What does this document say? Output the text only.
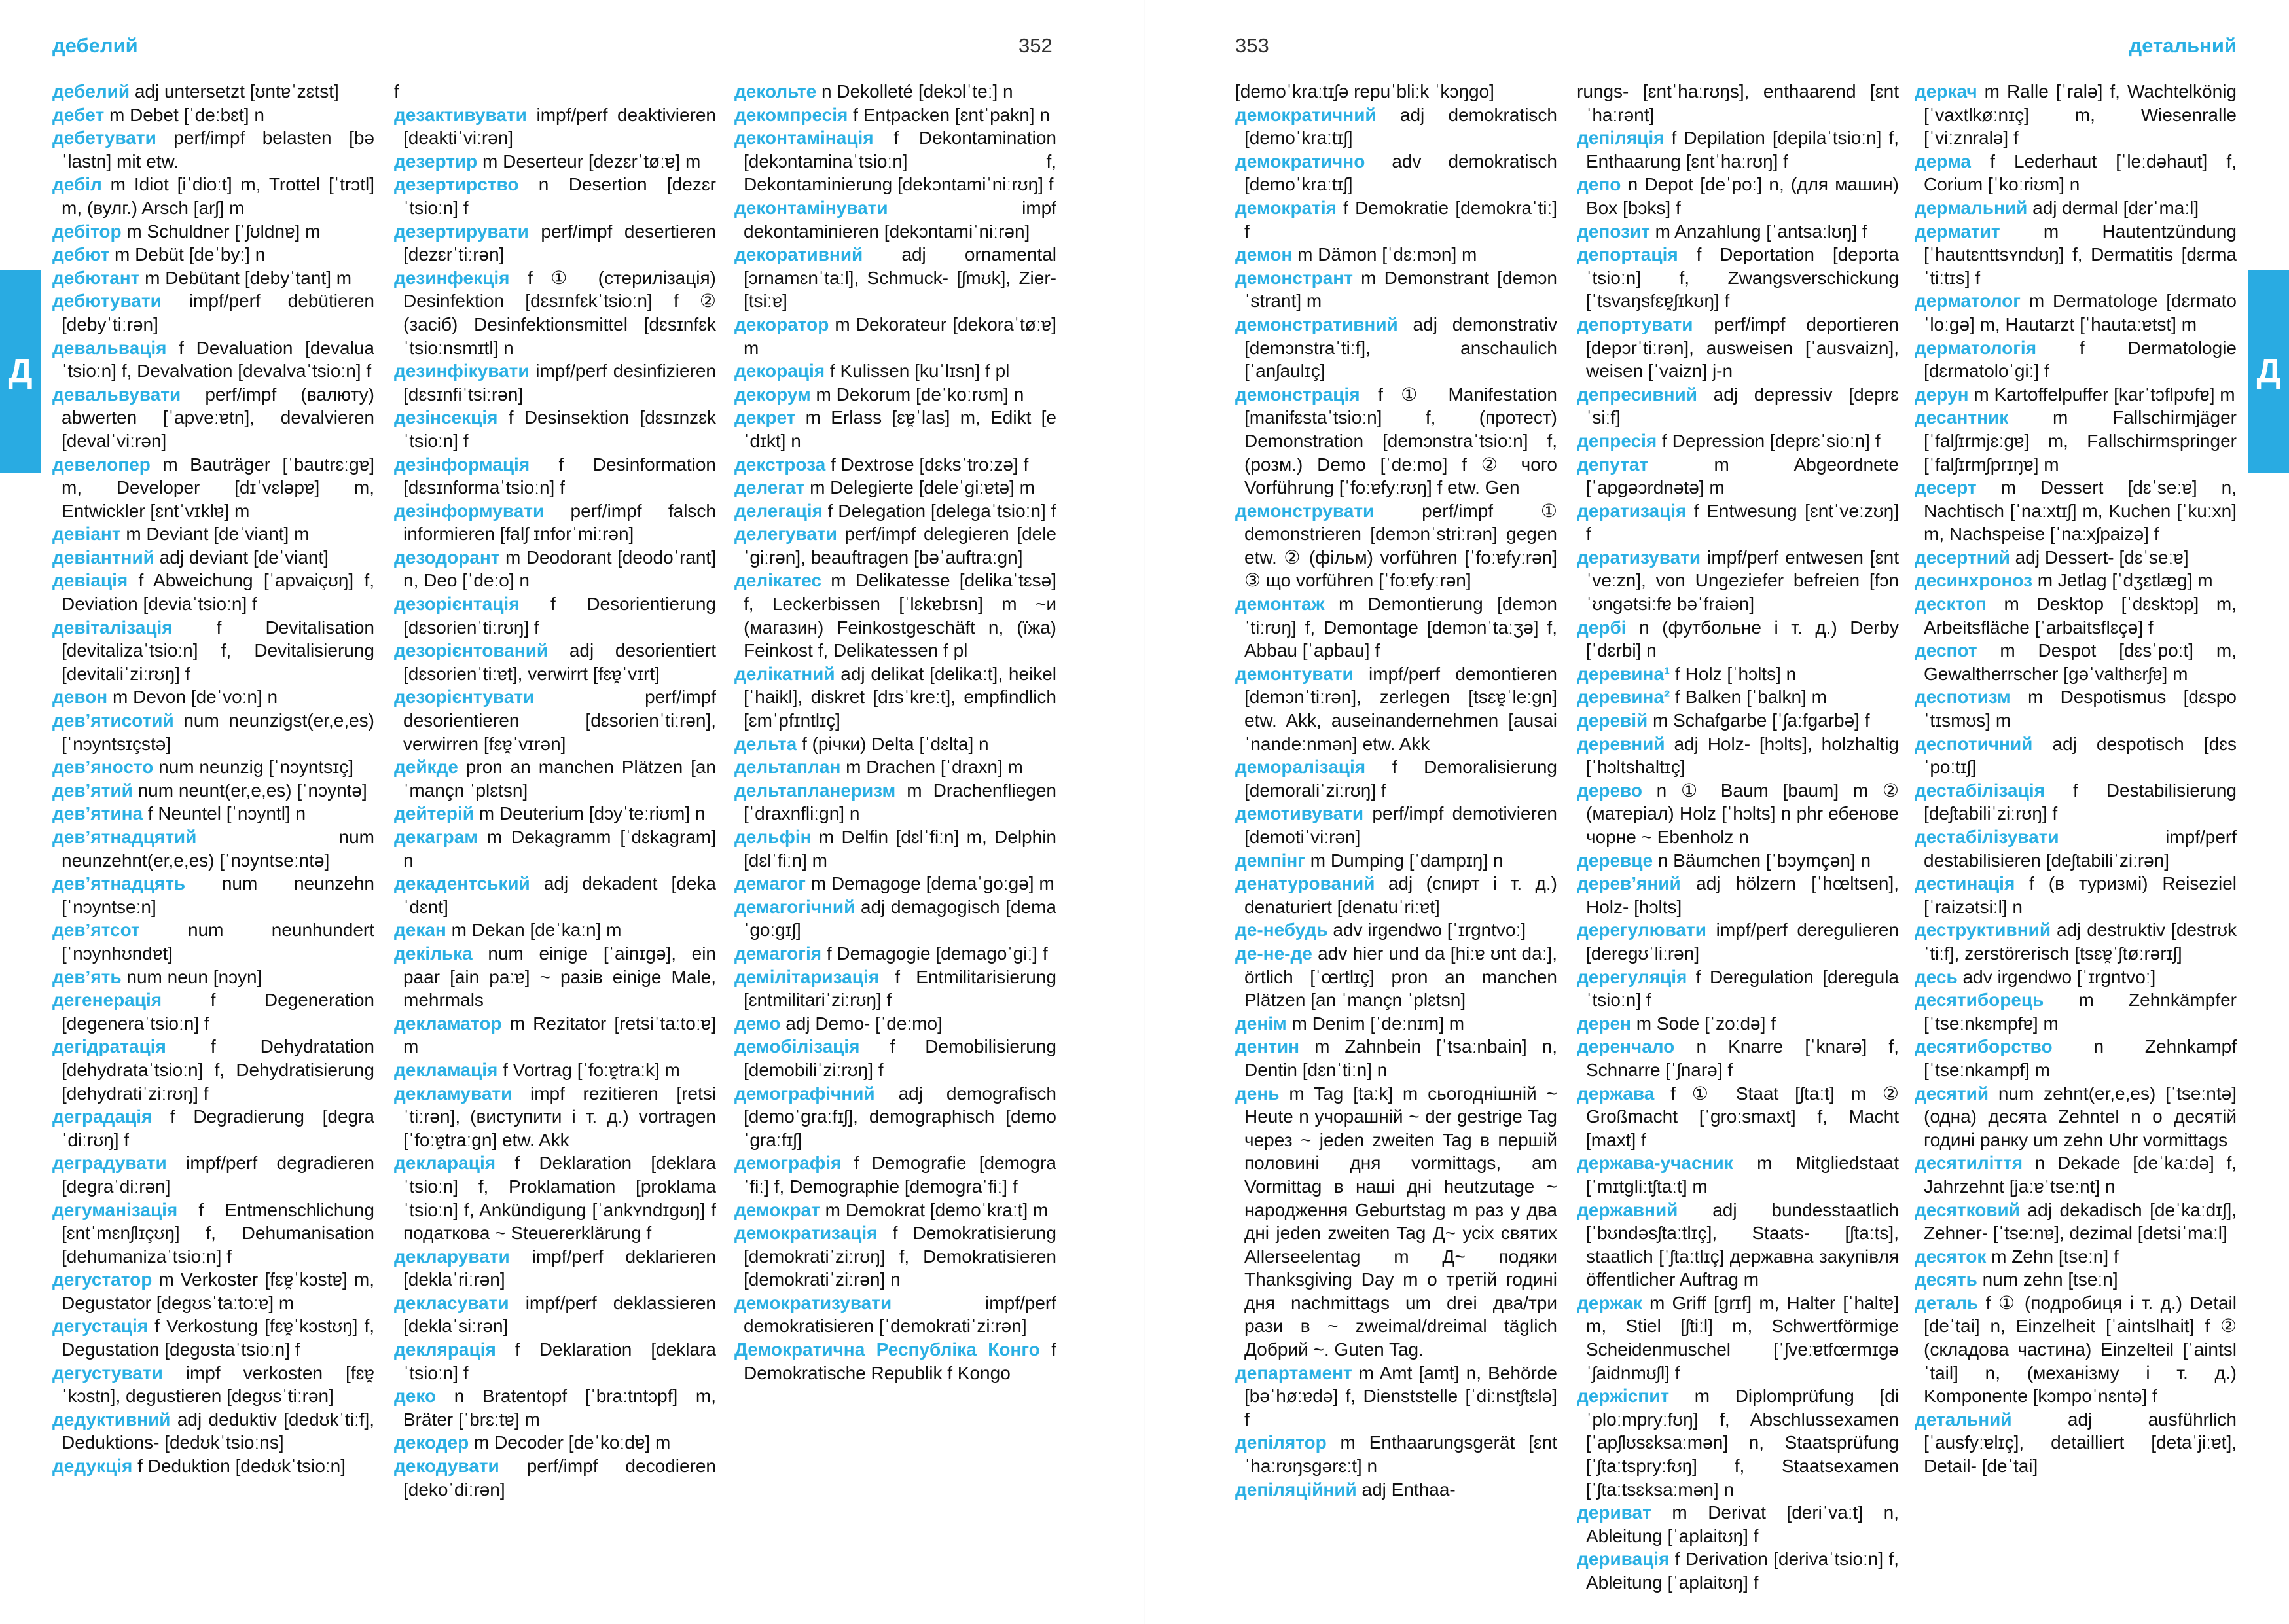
дебелий	352
Д

дебелий adj untersetzt [ʊntɐˈzɛtst]

дебет m Debet [ˈdeːbɛt] n

дебетувати perf/impf belasten [bəˈlastn] mit etw.

дебіл m Idiot [iˈdioːt] m, Trottel [ˈtrɔtl] m, (вулг.) Arsch [arʃ] m

дебітор m Schuldner [ˈʃʊldnɐ] m

дебют m Debüt [deˈbyː] n

дебютант m Debütant [debyˈtant] m

дебютувати impf/perf debütieren [debyˈtiːrən]

девальвація f Devaluation [devaluaˈtsioːn] f, Devalvation [devalvaˈtsioːn] f

девальвувати perf/impf (валюту) abwerten [ˈapveːɐtn], devalvieren [devalˈviːrən]

девелопер m Bauträger [ˈbautrɛːɡɐ] m, Developer [dɪˈvɛləpɐ] m, Entwickler [ɛntˈvɪklɐ] m

девіант m Deviant [deˈviant] m

девіантний adj deviant [deˈviant]

девіація f Abweichung [ˈapvaiçʊŋ] f, Deviation [deviaˈtsioːn] f

девіталізація f Devitalisation [devitalizaˈtsioːn] f, Devitalisierung [devitaliˈziːrʊŋ] f

девон m Devon [deˈvoːn] n

дев’ятисотий num neunzigst(er,e,es) [ˈnɔyntsɪçstə]

дев’яносто num neunzig [ˈnɔyntsɪç]

дев’ятий num neunt(er,e,es) [ˈnɔyntə]

дев’ятина f Neuntel [ˈnɔyntl] n

дев’ятнадцятий num neunzehnt(er,e,es) [ˈnɔyntseːntə]

дев’ятнадцять num neunzehn [ˈnɔyntseːn]

дев’ятсот num neunhundert [ˈnɔynhʊndɐt]

дев’ять num neun [nɔyn]

дегенерація f Degeneration [degeneraˈtsioːn] f

дегідратація f Dehydratation [dehydrataˈtsioːn] f, Dehydratisierung [dehydratiˈziːrʊŋ] f

деградація f Degradierung [degraˈdiːrʊŋ] f

деградувати impf/perf degradieren [degraˈdiːrən]

дегуманізація f Entmenschlichung [ɛntˈmɛnʃlɪçʊŋ] f, Dehumanisation [dehumanizaˈtsioːn] f

дегустатор m Verkoster [fɛɐ̯ˈkɔstɐ] m, Degustator [degʊsˈtaːtoːɐ] m

дегустація f Verkostung [fɛɐ̯ˈkɔstʊŋ] f, Degustation [degʊstaˈtsioːn] f

дегустувати impf verkosten [fɛɐ̯ˈkɔstn], degustieren [degʊsˈtiːrən]

дедуктивний adj deduktiv [dedʊkˈtiːf], Deduktions- [dedʊkˈtsioːns]

дедукція f Deduktion [dedʊkˈtsioːn]

f

дезактивувати impf/perf deaktivieren [deaktiˈviːrən]

дезертир m Deserteur [dezɛrˈtøːɐ] m

дезертирство n Desertion [dezɛrˈtsioːn] f

дезертирувати perf/impf desertieren [dezɛrˈtiːrən]

дезинфекція f ① (стерилізація) Desinfektion [dɛsɪnfɛkˈtsioːn] f ② (засіб) Desinfektionsmittel [dɛsɪnfɛkˈtsioːnsmɪtl] n

дезинфікувати impf/perf desinfizieren [dɛsɪnfiˈtsiːrən]

дезінсекція f Desinsektion [dɛsɪnzɛkˈtsioːn] f

дезінформація f Desinformation [dɛsɪnformaˈtsioːn] f

дезінформувати perf/impf falsch informieren [falʃ ɪnforˈmiːrən]

дезодорант m Deodorant [deodoˈrant] n, Deo [ˈdeːo] n

дезорієнтація f Desorientierung [dɛsorienˈtiːrʊŋ] f

дезорієнтований adj desorientiert [dɛsorienˈtiːɐt], verwirrt [fɛɐ̯ˈvɪrt]

дезорієнтувати perf/impf desorientieren [dɛsorienˈtiːrən], verwirren [fɛɐ̯ˈvɪrən]

дейкде pron an manchen Plätzen [an ˈmançn ˈplɛtsn]

дейтерій m Deuterium [dɔyˈteːriʊm] n

декаграм m Dekagramm [ˈdɛkaɡram] n

декадентський adj dekadent [dekaˈdɛnt]

декан m Dekan [deˈkaːn] m

декілька num einige [ˈainɪɡə], ein paar [ain paːɐ] ~ разів einige Male, mehrmals

декламатор m Rezitator [retsiˈtaːtoːɐ] m

декламація f Vortrag [ˈfoːɐ̯traːk] m

декламувати impf rezitieren [retsiˈtiːrən], (виступити і т. д.) vortragen [ˈfoːɐ̯traːgn] etw. Akk

декларація f Deklaration [deklaraˈtsioːn] f, Proklamation [proklamaˈtsioːn] f, Ankündigung [ˈankʏndɪɡʊŋ] f податкова ~ Steuererklärung f

декларувати impf/perf deklarieren [deklaˈriːrən]

декласувати impf/perf deklassieren [deklaˈsiːrən]

деклярація f Deklaration [deklaraˈtsioːn] f

деко n Bratentopf [ˈbraːtntɔpf] m, Bräter [ˈbrɛːtɐ] m

декодер m Decoder [deˈkoːdɐ] m

декодувати perf/impf decodieren [dekoˈdiːrən]

декольте n Dekolleté [dekɔlˈteː] n

декомпресія f Entpacken [ɛntˈpakn] n

деконтамінація f Dekontamination [dekɔntaminaˈtsioːn] f, Dekontaminierung [dekɔntamiˈniːrʊŋ] f

деконтамінувати impf dekontaminieren [dekɔntamiˈniːrən]

декоративний adj ornamental [ɔrnamɛnˈtaːl], Schmuck- [ʃmʊk], Zier- [tsiːɐ]

декоратор m Dekorateur [dekoraˈtøːɐ] m

декорація f Kulissen [kuˈlɪsn] f pl

декорум m Dekorum [deˈkoːrʊm] n

декрет m Erlass [ɛɐ̯ˈlas] m, Edikt [eˈdɪkt] n

декстроза f Dextrose [dɛksˈtroːzə] f

делегат m Delegierte [deleˈgiːɐtə] m

делегація f Delegation [delegaˈtsioːn] f

делегувати perf/impf delegieren [deleˈgiːrən], beauftragen [bəˈauftraːgn]

делікатес m Delikatesse [delikaˈtɛsə] f, Leckerbissen [ˈlɛkɐbɪsn] m ~и (магазин) Feinkostgeschäft n, (їжа) Feinkost f, Delikatessen f pl

делікатний adj delikat [delikaːt], heikel [ˈhaikl], diskret [dɪsˈkreːt], empfindlich [ɛmˈpfɪntlɪç]

дельта f (річки) Delta [ˈdɛlta] n

дельтаплан m Drachen [ˈdraxn] m

дельтапланеризм m Drachenfliegen [ˈdraxnfliːgn] n

дельфін m Delfin [dɛlˈfiːn] m, Delphin [dɛlˈfiːn] m

демагог m Demagoge [demaˈgoːgə] m

демагогічний adj demagogisch [demaˈgoːgɪʃ]

демагогія f Demagogie [demagoˈgiː] f

демілітаризація f Entmilitarisierung [ɛntmilitariˈziːrʊŋ] f

демо adj Demo- [ˈdeːmo]

демобілізація f Demobilisierung [demobiliˈziːrʊŋ] f

демографічний adj demografisch [demoˈgraːfɪʃ], demographisch [demoˈgraːfɪʃ]

демографія f Demografie [demograˈfiː] f, Demographie [demograˈfiː] f

демократ m Demokrat [demoˈkraːt] m

демократизація f Demokratisierung [demokratiˈziːrʊŋ] f, Demokratisieren [demokratiˈziːrən] n

демократизувати impf/perf demokratisieren [ˈdemokratiˈziːrən]

Демократична Республіка Конго f Demokratische Republik f Kongo

353	детальний
Д

[demoˈkraːtɪʃə repuˈbliːk ˈkɔŋgo]

демократичний adj demokratisch [demoˈkraːtɪʃ]

демократично adv demokratisch [demoˈkraːtɪʃ]

демократія f Demokratie [demokraˈtiː] f

демон m Dämon [ˈdɛːmɔn] m

демонстрант m Demonstrant [demɔnˈstrant] m

демонстративний adj demonstrativ [demɔnstraˈtiːf], anschaulich [ˈanʃaulɪç]

демонстрація f ① Manifestation [manifɛstaˈtsioːn] f, (протест) Demonstration [demɔnstraˈtsioːn] f, (розм.) Demo [ˈdeːmo] f ② чого Vorführung [ˈfoːɐfyːrʊŋ] f etw. Gen

демонструвати perf/impf ① demonstrieren [demɔnˈstriːrən] gegen etw. ② (фільм) vorführen [ˈfoːɐfyːrən] ③ що vorführen [ˈfoːɐfyːrən]

демонтаж m Demontierung [demɔnˈtiːrʊŋ] f, Demontage [demɔnˈtaːʒə] f, Abbau [ˈapbau] f

демонтувати impf/perf demontieren [demɔnˈtiːrən], zerlegen [tsɛɐ̯ˈleːgn] etw. Akk, auseinandernehmen [ausaiˈnandeːnmən] etw. Akk

деморалізація f Demoralisierung [demoraliˈziːrʊŋ] f

демотивувати perf/impf demotivieren [demotiˈviːrən]

демпінг m Dumping [ˈdampɪŋ] n

денатурований adj (спирт і т. д.) denaturiert [denatuˈriːɐt]

де-небудь adv irgendwo [ˈɪrgntvoː]

де-не-де adv hier und da [hiːɐ ʊnt daː], örtlich [ˈœrtlɪç] pron an manchen Plätzen [an ˈmançn ˈplɛtsn]

денім m Denim [ˈdeːnɪm] m

дентин m Zahnbein [ˈtsaːnbain] n, Dentin [dɛnˈtiːn] n

день m Tag [taːk] m сьогоднішній ~ Heute n учорашній ~ der gestrige Tag через ~ jeden zweiten Tag в першій половині дня vormittags, am Vormittag в наші дні heutzutage ~ народження Geburtstag m раз у два дні jeden zweiten Tag Д~ усіх святих Allerseelentag m Д~ подяки Thanksgiving Day m о третій годині дня nachmittags um drei два/три рази в ~ zweimal/dreimal täglich Добрий ~. Guten Tag.

департамент m Amt [amt] n, Behörde [bəˈhøːɐdə] f, Dienststelle [ˈdiːnstʃtɛlə] f

депілятор m Enthaarungsgerät [ɛntˈhaːrʊŋsgərɛːt] n

депіляційний adj Enthaa-

rungs- [ɛntˈhaːrʊŋs], enthaarend [ɛntˈhaːrənt]

депіляція f Depilation [depilaˈtsioːn] f, Enthaarung [ɛntˈhaːrʊŋ] f

депо n Depot [deˈpoː] n, (для машин) Box [bɔks] f

депозит m Anzahlung [ˈantsaːlʊŋ] f

депортація f Deportation [depɔrtaˈtsioːn] f, Zwangsverschickung [ˈtsvaŋsfɛɐ̯ʃɪkʊŋ] f

депортувати perf/impf deportieren [depɔrˈtiːrən], ausweisen [ˈausvaizn], weisen [ˈvaizn] j-n

депресивний adj depressiv [deprɛˈsiːf]

депресія f Depression [deprɛˈsioːn] f

депутат m Abgeordnete [ˈapgəɔrdnətə] m

дератизація f Entwesung [ɛntˈveːzʊŋ] f

дератизувати impf/perf entwesen [ɛntˈveːzn], von Ungeziefer befreien [fɔn ˈʊngətsiːfɐ bəˈfraiən]

дербі n (футбольне і т. д.) Derby [ˈdɛrbi] n

деревина¹ f Holz [ˈhɔlts] n

деревина² f Balken [ˈbalkn] m

деревій m Schafgarbe [ˈʃaːfgarbə] f

деревний adj Holz- [hɔlts], holzhaltig [ˈhɔltshaltɪç]

дерево n ① Baum [baum] m ② (матеріал) Holz [ˈhɔlts] n phr ебенове чорне ~ Ebenholz n

деревце n Bäumchen [ˈbɔymçən] n

дерев’яний adj hölzern [ˈhœltsen], Holz- [hɔlts]

дерегулювати impf/perf deregulieren [deregʊˈliːrən]

дерегуляція f Deregulation [deregulaˈtsioːn] f

дерен m Sode [ˈzoːdə] f

деренчало n Knarre [ˈknarə] f, Schnarre [ˈʃnarə] f

держава f ① Staat [ʃtaːt] m ② Großmacht [ˈgroːsmaxt] f, Macht [maxt] f

держава-учасник m Mitgliedstaat [ˈmɪtgliːtʃtaːt] m

державний adj bundesstaatlich [ˈbʊndəsʃtaːtlɪç], Staats- [ʃtaːts], staatlich [ˈʃtaːtlɪç] державна закупівля öffentlicher Auftrag m

держак m Griff [grɪf] m, Halter [ˈhaltɐ] m, Stiel [ʃtiːl] m, Schwertförmige Scheidenmuschel [ˈʃveːɐtfœrmɪgə ˈʃaidnmʊʃl] f

держіспит m Diplomprüfung [diˈploːmpryːfʊŋ] f, Abschlussexamen [ˈapʃlʊsɛksaːmən] n, Staatsprüfung [ˈʃtaːtspryːfʊŋ] f, Staatsexamen [ˈʃtaːtsɛksaːmən] n

дериват m Derivat [deriˈvaːt] n, Ableitung [ˈaplaitʊŋ] f

деривація f Derivation [derivaˈtsioːn] f, Ableitung [ˈaplaitʊŋ] f

деркач m Ralle [ˈralə] f, Wachtelkönig [ˈvaxtlkøːnɪç] m, Wiesenralle [ˈviːznralə] f

дерма f Lederhaut [ˈleːdəhaut] f, Corium [ˈkoːriʊm] n

дермальний adj dermal [dɛrˈmaːl]

дерматит m Hautentzündung [ˈhautɛnttsʏndʊŋ] f, Dermatitis [dɛrmaˈtiːtɪs] f

дерматолог m Dermatologe [dɛrmatoˈloːgə] m, Hautarzt [ˈhautaːɐtst] m

дерматологія f Dermatologie [dɛrmatoloˈgiː] f

дерун m Kartoffelpuffer [karˈtɔflpʊfɐ] m

десантник m Fallschirmjäger [ˈfalʃɪrmjɛːgɐ] m, Fallschirmspringer [ˈfalʃɪrmʃprɪŋɐ] m

десерт m Dessert [dɛˈseːɐ] n, Nachtisch [ˈnaːxtɪʃ] m, Kuchen [ˈkuːxn] m, Nachspeise [ˈnaːxʃpaizə] f

десертний adj Dessert- [dɛˈseːɐ]

десинхроноз m Jetlag [ˈdʒɛtlæg] m

десктоп m Desktop [ˈdɛsktɔp] m, Arbeitsfläche [ˈarbaitsflɛçə] f

деспот m Despot [dɛsˈpoːt] m, Gewaltherrscher [gəˈvalthɛrʃɐ] m

деспотизм m Despotismus [dɛspoˈtɪsmʊs] m

деспотичний adj despotisch [dɛsˈpoːtɪʃ]

дестабілізація f Destabilisierung [deʃtabiliˈziːrʊŋ] f

дестабілізувати impf/perf destabilisieren [deʃtabiliˈziːrən]

дестинація f (в туризмі) Reiseziel [ˈraizətsiːl] n

деструктивний adj destruktiv [destrʊkˈtiːf], zerstörerisch [tsɛɐ̯ˈʃtøːrərɪʃ]

десь adv irgendwo [ˈɪrgntvoː]

десятиборець m Zehnkämpfer [ˈtseːnkɛmpfɐ] m

десятиборство n Zehnkampf [ˈtseːnkampf] m

десятий num zehnt(er,e,es) [ˈtseːntə] (одна) десята Zehntel n о десятій годині ранку um zehn Uhr vormittags

десятиліття n Dekade [deˈkaːdə] f, Jahrzehnt [jaːɐˈtseːnt] n

десятковий adj dekadisch [deˈkaːdɪʃ], Zehner- [ˈtseːnɐ], dezimal [detsiˈmaːl]

десяток m Zehn [tseːn] f

десять num zehn [tseːn]

деталь f ① (подробиця і т. д.) Detail [deˈtai] n, Einzelheit [ˈaintslhait] f ② (складова частина) Einzelteil [ˈaintslˈtail] n, (механізму і т. д.) Komponente [kɔmpoˈnɛntə] f

детальний adj ausführlich [ˈausfyːɐlɪç], detailliert [detaˈjiːɐt], Detail- [deˈtai]
